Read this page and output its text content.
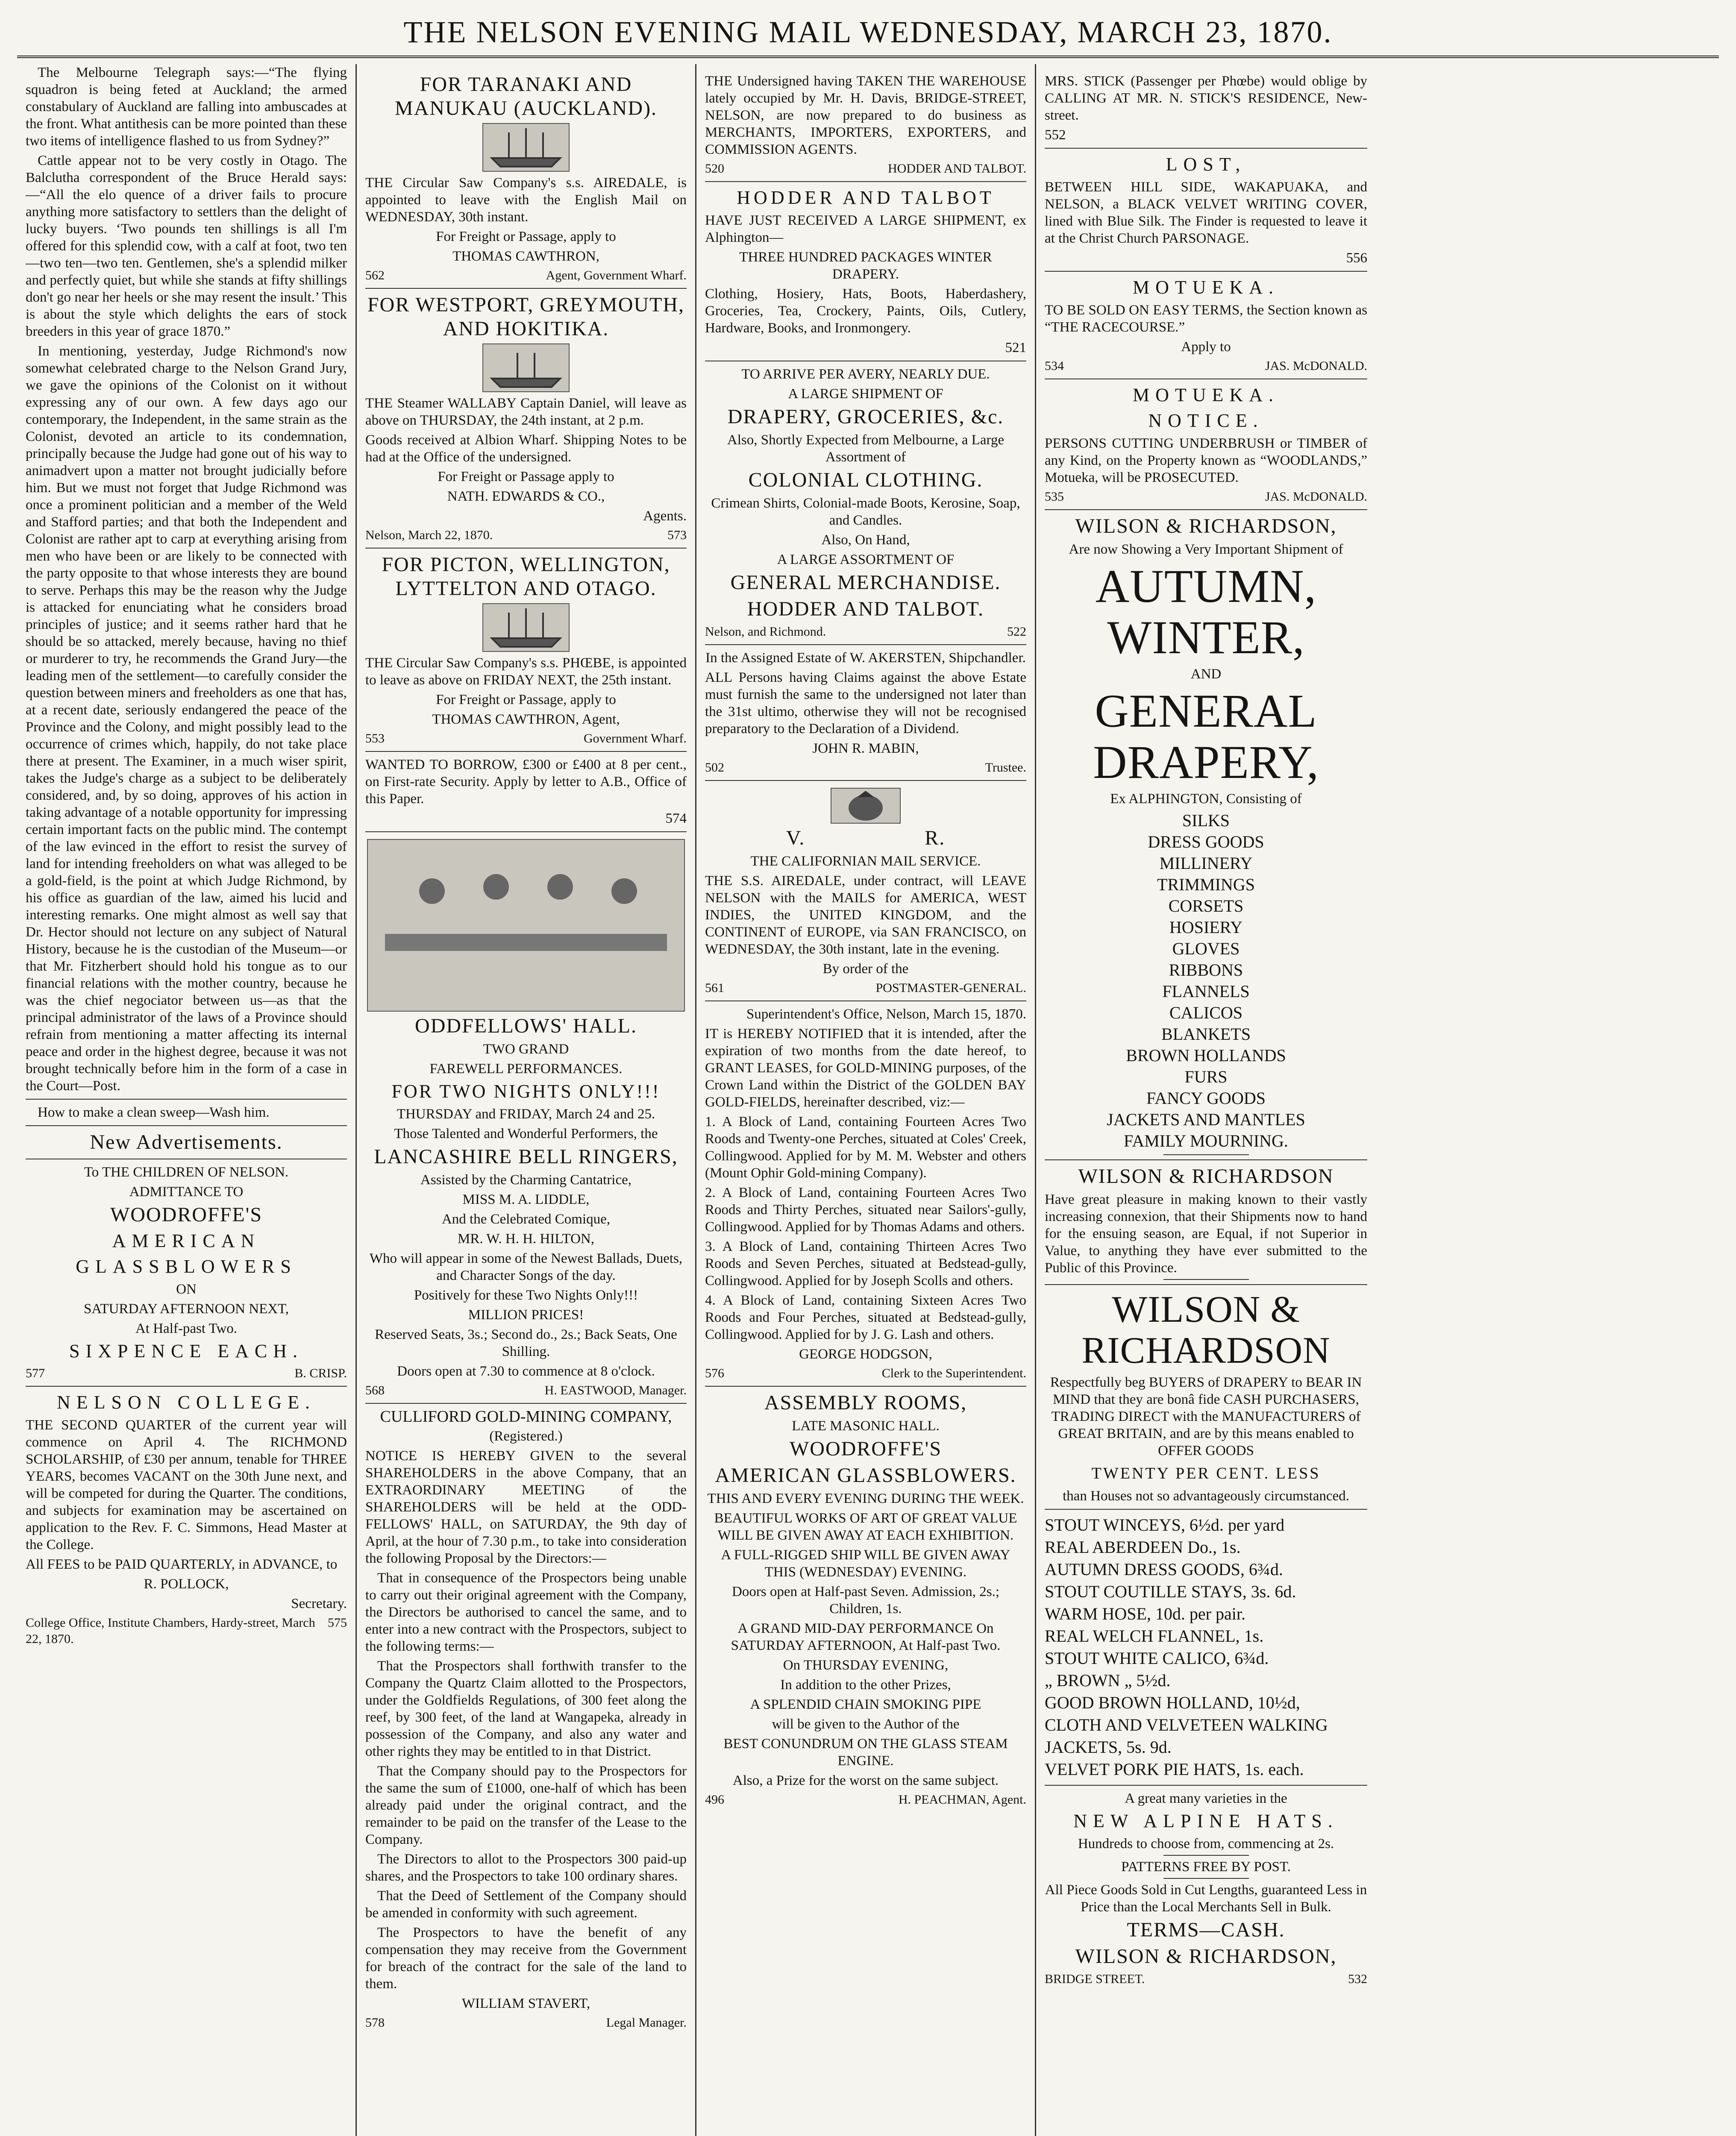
THE NELSON EVENING MAIL WEDNESDAY, MARCH 23, 1870.

The Melbourne Telegraph says:—“The flying squadron is being feted at Auckland; the armed constabulary of Auckland are falling into ambuscades at the front. What antithesis can be more pointed than these two items of intelligence flashed to us from Sydney?”

Cattle appear not to be very costly in Otago. The Balclutha correspondent of the Bruce Herald says:—“All the elo quence of a driver fails to procure anything more satisfactory to settlers than the delight of lucky buyers. ‘Two pounds ten shillings is all I'm offered for this splendid cow, with a calf at foot, two ten—two ten—two ten. Gentlemen, she's a splendid milker and perfectly quiet, but while she stands at fifty shillings don't go near her heels or she may resent the insult.’ This is about the style which delights the ears of stock breeders in this year of grace 1870.”

In mentioning, yesterday, Judge Richmond's now somewhat celebrated charge to the Nelson Grand Jury, we gave the opinions of the Colonist on it without expressing any of our own. A few days ago our contemporary, the Independent, in the same strain as the Colonist, devoted an article to its condemnation, principally because the Judge had gone out of his way to animadvert upon a matter not brought judicially before him. But we must not forget that Judge Richmond was once a prominent politician and a member of the Weld and Stafford parties; and that both the Independent and Colonist are rather apt to carp at everything arising from men who have been or are likely to be connected with the party opposite to that whose interests they are bound to serve. Perhaps this may be the reason why the Judge is attacked for enunciating what he considers broad principles of justice; and it seems rather hard that he should be so attacked, merely because, having no thief or murderer to try, he recommends the Grand Jury—the leading men of the settlement—to carefully consider the question between miners and freeholders as one that has, at a recent date, seriously endangered the peace of the Province and the Colony, and might possibly lead to the occurrence of crimes which, happily, do not take place there at present. The Examiner, in a much wiser spirit, takes the Judge's charge as a subject to be deliberately considered, and, by so doing, approves of his action in taking advantage of a notable opportunity for impressing certain important facts on the public mind. The contempt of the law evinced in the effort to resist the survey of land for intending freeholders on what was alleged to be a gold-field, is the point at which Judge Richmond, by his office as guardian of the law, aimed his lucid and interesting remarks. One might almost as well say that Dr. Hector should not lecture on any subject of Natural History, because he is the custodian of the Museum—or that Mr. Fitzherbert should hold his tongue as to our financial relations with the mother country, because he was the chief negociator between us—as that the principal administrator of the laws of a Province should refrain from mentioning a matter affecting its internal peace and order in the highest degree, because it was not brought technically before him in the form of a case in the Court—Post.

How to make a clean sweep—Wash him.

New Advertisements.

To THE CHILDREN OF NELSON.

ADMITTANCE TO

WOODROFFE'S

AMERICAN

GLASSBLOWERS

ON

SATURDAY AFTERNOON NEXT,

At Half-past Two.

SIXPENCE EACH.

577	B. CRISP.

NELSON COLLEGE.

THE SECOND QUARTER of the current year will commence on April 4. The RICHMOND SCHOLARSHIP, of £30 per annum, tenable for THREE YEARS, becomes VACANT on the 30th June next, and will be competed for during the Quarter. The conditions, and subjects for examination may be ascertained on application to the Rev. F. C. Simmons, Head Master at the College.

All FEES to be PAID QUARTERLY, in ADVANCE, to

R. POLLOCK,

Secretary.

College Office, Institute Chambers, Hardy-street, March 22, 1870.
575

FOR TARANAKI AND MANUKAU (AUCKLAND).

THE Circular Saw Company's s.s. AIREDALE, is appointed to leave with the English Mail on WEDNESDAY, 30th instant.

For Freight or Passage, apply to

THOMAS CAWTHRON,

562	Agent, Government Wharf.

FOR WESTPORT, GREYMOUTH, AND HOKITIKA.

THE Steamer WALLABY Captain Daniel, will leave as above on THURSDAY, the 24th instant, at 2 p.m.

Goods received at Albion Wharf. Shipping Notes to be had at the Office of the undersigned.

For Freight or Passage apply to

NATH. EDWARDS & CO.,

Agents.

Nelson, March 22, 1870.	573

FOR PICTON, WELLINGTON, LYTTELTON AND OTAGO.

THE Circular Saw Company's s.s. PHŒBE, is appointed to leave as above on FRIDAY NEXT, the 25th instant.

For Freight or Passage, apply to

THOMAS CAWTHRON, Agent,

553	Government Wharf.

WANTED TO BORROW, £300 or £400 at 8 per cent., on First-rate Security. Apply by letter to A.B., Office of this Paper.

574

ODDFELLOWS' HALL.

TWO GRAND

FAREWELL PERFORMANCES.

FOR TWO NIGHTS ONLY!!!

THURSDAY and FRIDAY, March 24 and 25.

Those Talented and Wonderful Performers, the

LANCASHIRE BELL RINGERS,

Assisted by the Charming Cantatrice,

MISS M. A. LIDDLE,

And the Celebrated Comique,

MR. W. H. H. HILTON,

Who will appear in some of the Newest Ballads, Duets, and Character Songs of the day.

Positively for these Two Nights Only!!!

MILLION PRICES!

Reserved Seats, 3s.; Second do., 2s.; Back Seats, One Shilling.

Doors open at 7.30 to commence at 8 o'clock.

568	H. EASTWOOD, Manager.

CULLIFORD GOLD-MINING COMPANY,

(Registered.)

NOTICE IS HEREBY GIVEN to the several SHAREHOLDERS in the above Company, that an EXTRAORDINARY MEETING of the SHAREHOLDERS will be held at the ODD-FELLOWS' HALL, on SATURDAY, the 9th day of April, at the hour of 7.30 p.m., to take into consideration the following Proposal by the Directors:—

That in consequence of the Prospectors being unable to carry out their original agreement with the Company, the Directors be authorised to cancel the same, and to enter into a new contract with the Prospectors, subject to the following terms:—

That the Prospectors shall forthwith transfer to the Company the Quartz Claim allotted to the Prospectors, under the Goldfields Regulations, of 300 feet along the reef, by 300 feet, of the land at Wangapeka, already in possession of the Company, and also any water and other rights they may be entitled to in that District.

That the Company should pay to the Prospectors for the same the sum of £1000, one-half of which has been already paid under the original contract, and the remainder to be paid on the transfer of the Lease to the Company.

The Directors to allot to the Prospectors 300 paid-up shares, and the Prospectors to take 100 ordinary shares.

That the Deed of Settlement of the Company should be amended in conformity with such agreement.

The Prospectors to have the benefit of any compensation they may receive from the Government for breach of the contract for the sale of the land to them.

WILLIAM STAVERT,

578	Legal Manager.

THE Undersigned having TAKEN THE WAREHOUSE lately occupied by Mr. H. Davis, BRIDGE-STREET, NELSON, are now prepared to do business as MERCHANTS, IMPORTERS, EXPORTERS, and COMMISSION AGENTS.

520	HODDER AND TALBOT.

HODDER AND TALBOT

HAVE JUST RECEIVED A LARGE SHIPMENT, ex Alphington—

THREE HUNDRED PACKAGES WINTER DRAPERY.

Clothing, Hosiery, Hats, Boots, Haberdashery, Groceries, Tea, Crockery, Paints, Oils, Cutlery, Hardware, Books, and Ironmongery.

521

TO ARRIVE PER AVERY, NEARLY DUE.

A LARGE SHIPMENT OF

DRAPERY, GROCERIES, &c.

Also, Shortly Expected from Melbourne, a Large Assortment of

COLONIAL CLOTHING.

Crimean Shirts, Colonial-made Boots, Kerosine, Soap, and Candles.

Also, On Hand,

A LARGE ASSORTMENT OF

GENERAL MERCHANDISE.

HODDER AND TALBOT.

Nelson, and Richmond.	522

In the Assigned Estate of W. AKERSTEN, Shipchandler.

ALL Persons having Claims against the above Estate must furnish the same to the undersigned not later than the 31st ultimo, otherwise they will not be recognised preparatory to the Declaration of a Dividend.

JOHN R. MABIN,

502	Trustee.

V.                    R.

THE CALIFORNIAN MAIL SERVICE.

THE S.S. AIREDALE, under contract, will LEAVE NELSON with the MAILS for AMERICA, WEST INDIES, the UNITED KINGDOM, and the CONTINENT of EUROPE, via SAN FRANCISCO, on WEDNESDAY, the 30th instant, late in the evening.

By order of the

561	POSTMASTER-GENERAL.

Superintendent's Office, Nelson, March 15, 1870.

IT is HEREBY NOTIFIED that it is intended, after the expiration of two months from the date hereof, to GRANT LEASES, for GOLD-MINING purposes, of the Crown Land within the District of the GOLDEN BAY GOLD-FIELDS, hereinafter described, viz:—

1. A Block of Land, containing Fourteen Acres Two Roods and Twenty-one Perches, situated at Coles' Creek, Collingwood. Applied for by M. M. Webster and others (Mount Ophir Gold-mining Company).

2. A Block of Land, containing Fourteen Acres Two Roods and Thirty Perches, situated near Sailors'-gully, Collingwood. Applied for by Thomas Adams and others.

3. A Block of Land, containing Thirteen Acres Two Roods and Seven Perches, situated at Bedstead-gully, Collingwood. Applied for by Joseph Scolls and others.

4. A Block of Land, containing Sixteen Acres Two Roods and Four Perches, situated at Bedstead-gully, Collingwood. Applied for by J. G. Lash and others.

GEORGE HODGSON,

576	Clerk to the Superintendent.

ASSEMBLY ROOMS,

LATE MASONIC HALL.

WOODROFFE'S

AMERICAN GLASSBLOWERS.

THIS AND EVERY EVENING DURING THE WEEK.

BEAUTIFUL WORKS OF ART OF GREAT VALUE WILL BE GIVEN AWAY AT EACH EXHIBITION.

A FULL-RIGGED SHIP WILL BE GIVEN AWAY THIS (WEDNESDAY) EVENING.

Doors open at Half-past Seven. Admission, 2s.; Children, 1s.

A GRAND MID-DAY PERFORMANCE On SATURDAY AFTERNOON, At Half-past Two.

On THURSDAY EVENING,

In addition to the other Prizes,

A SPLENDID CHAIN SMOKING PIPE

will be given to the Author of the

BEST CONUNDRUM ON THE GLASS STEAM ENGINE.

Also, a Prize for the worst on the same subject.

496	H. PEACHMAN, Agent.

MRS. STICK (Passenger per Phœbe) would oblige by CALLING AT MR. N. STICK'S RESIDENCE, New-street.

552

LOST,

BETWEEN HILL SIDE, WAKAPUAKA, and NELSON, a BLACK VELVET WRITING COVER, lined with Blue Silk. The Finder is requested to leave it at the Christ Church PARSONAGE.

556

MOTUEKA.

TO BE SOLD ON EASY TERMS, the Section known as “THE RACECOURSE.”

Apply to

534	JAS. McDONALD.

MOTUEKA.

NOTICE.

PERSONS CUTTING UNDERBRUSH or TIMBER of any Kind, on the Property known as “WOODLANDS,” Motueka, will be PROSECUTED.

535	JAS. McDONALD.

WILSON & RICHARDSON,

Are now Showing a Very Important Shipment of

AUTUMN, WINTER,

AND

GENERAL DRAPERY,

Ex ALPHINGTON, Consisting of

SILKS

DRESS GOODS

MILLINERY

TRIMMINGS

CORSETS

HOSIERY

GLOVES

RIBBONS

FLANNELS

CALICOS

BLANKETS

BROWN HOLLANDS

FURS

FANCY GOODS

JACKETS AND MANTLES

FAMILY MOURNING.

WILSON & RICHARDSON

Have great pleasure in making known to their vastly increasing connexion, that their Shipments now to hand for the ensuing season, are Equal, if not Superior in Value, to anything they have ever submitted to the Public of this Province.

WILSON & RICHARDSON

Respectfully beg BUYERS of DRAPERY to BEAR IN MIND that they are bonâ fide CASH PURCHASERS, TRADING DIRECT with the MANUFACTURERS of GREAT BRITAIN, and are by this means enabled to OFFER GOODS

TWENTY PER CENT. LESS

than Houses not so advantageously circumstanced.

STOUT WINCEYS, 6½d. per yard

REAL ABERDEEN Do., 1s.

AUTUMN DRESS GOODS, 6¾d.

STOUT COUTILLE STAYS, 3s. 6d.

WARM HOSE, 10d. per pair.

REAL WELCH FLANNEL, 1s.

STOUT WHITE CALICO, 6¾d.

„ BROWN „ 5½d.

GOOD BROWN HOLLAND, 10½d,

CLOTH AND VELVETEEN WALKING JACKETS, 5s. 9d.

VELVET PORK PIE HATS, 1s. each.

A great many varieties in the

NEW ALPINE HATS.

Hundreds to choose from, commencing at 2s.

PATTERNS FREE BY POST.

All Piece Goods Sold in Cut Lengths, guaranteed Less in Price than the Local Merchants Sell in Bulk.

TERMS—CASH.

WILSON & RICHARDSON,

BRIDGE STREET.	532
